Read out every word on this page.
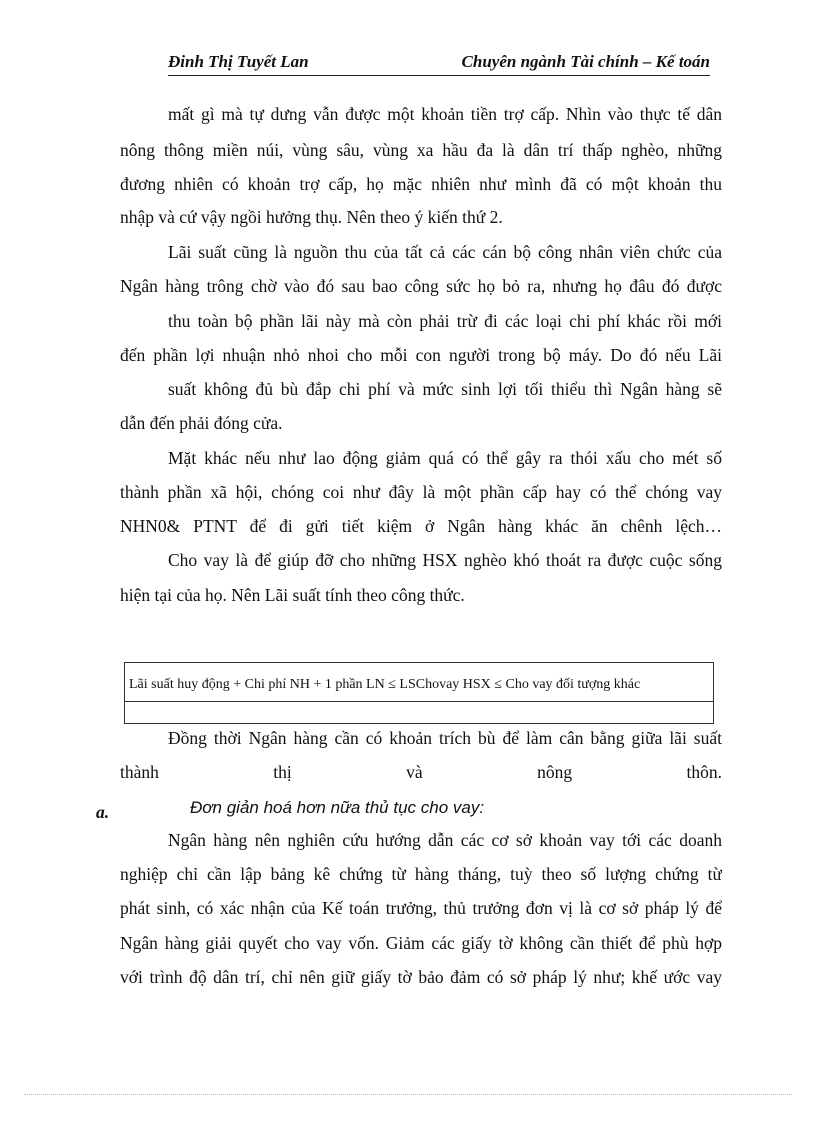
Đinh Thị Tuyết Lan	Chuyên ngành Tài chính – Kế toán
mất gì mà tự dưng vẫn được một khoản tiền trợ cấp. Nhìn vào thực tế dân
nông thông miền núi, vùng sâu, vùng xa hầu đa là dân trí thấp nghèo, những
đương nhiên có khoản trợ cấp, họ mặc nhiên như mình đã có một khoản thu
nhập và cứ vậy ngồi hưởng thụ. Nên theo ý kiến thứ 2.
Lãi suất cũng là nguồn thu của tất cả các cán bộ công nhân viên chức của
Ngân hàng trông chờ vào đó sau bao công sức họ bỏ ra, nhưng họ đâu đó được
thu toàn bộ phần lãi này mà còn phải trừ đi các loại chi phí khác rồi mới
đến phần lợi nhuận nhỏ nhoi cho mỗi con người trong bộ máy. Do đó nếu Lãi
suất không đủ bù đắp chi phí và mức sinh lợi tối thiểu thì Ngân hàng sẽ
dẫn đến phải đóng cửa.
Mặt khác nếu như lao động giảm quá có thể gây ra thói xấu cho mét số
thành phần xã hội, chóng coi như đây là một phần cấp hay có thể chóng vay
NHN0& PTNT để đi gửi tiết kiệm ở Ngân hàng khác ăn chênh lệch…
Cho vay là để giúp đỡ cho những HSX nghèo khó thoát ra được cuộc sống
hiện tại của họ. Nên Lãi suất tính theo công thức.
Lãi suất huy động + Chi phí NH + 1 phần LN ≤ LSChovay HSX ≤ Cho vay đối tượng khác
Đồng thời Ngân hàng cần có khoản trích bù để làm cân bằng giữa lãi suất
thành thị và nông thôn.
a.	Đơn giản hoá hơn nữa thủ tục cho vay:
Ngân hàng nên nghiên cứu hướng dẫn các cơ sở khoản vay tới các doanh
nghiệp chỉ cần lập bảng kê chứng từ hàng tháng, tuỳ theo số lượng chứng từ
phát sinh, có xác nhận của Kế toán trưởng, thủ trưởng đơn vị là cơ sở pháp lý để
Ngân hàng giải quyết cho vay vốn. Giảm các giấy tờ không cần thiết để phù hợp
với trình độ dân trí, chỉ nên giữ giấy tờ bảo đảm có sở pháp lý như; khế ước vay
